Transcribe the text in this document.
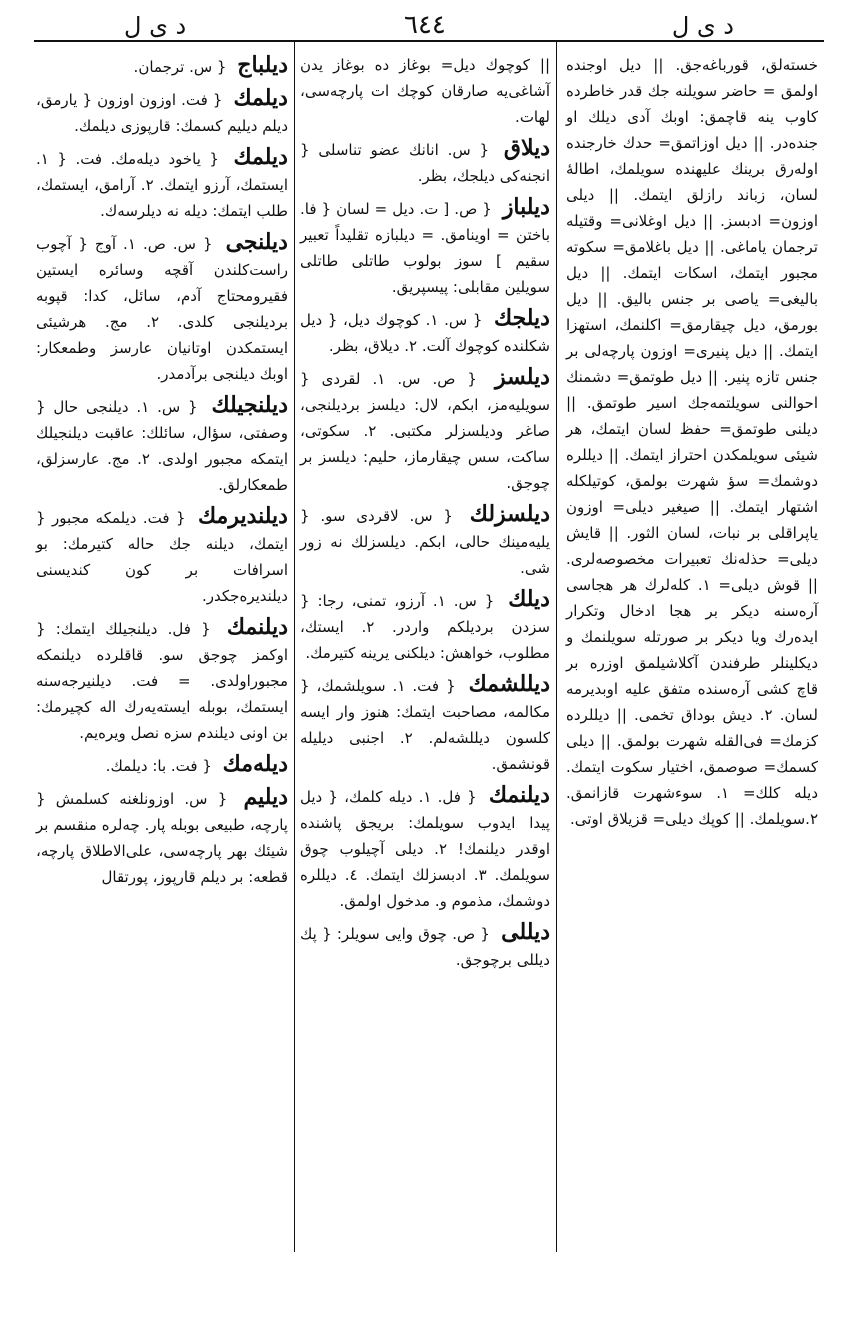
د ی ل	٦٤٤	د ی ل

خسته‌لق، قورباغه‌جق. || دیل اوجنده اولمق = حاضر سویلنه جك قدر خاطرده کاوب ینه قاچمق: اوبك آدی دیلك او جنده‌در. || دیل اوزاتمق= حدك خارجنده اوله‌رق برینك علیهنده سویلمك، اطاله‌ٔ لسان، زباند رازلق ایتمك. || دیلی اوزون= ادبسز. || دیل اوغلانی= وقتیله ترجمان یاماغی. || دیل باغلامق= سکوته مجبور ایتمك، اسکات ایتمك. || دیل بالیغی= یاصی بر جنس بالیق. || دیل بورمق، دیل چیقارمق= اکلنمك، استهزا ایتمك. || دیل پنیری= اوزون پارچه‌لی بر جنس تازه پنیر. || دیل طوتمق= دشمنك احوالنی سویلتمه‌جك اسیر طوتمق. || دیلنی طوتمق= حفظ لسان ایتمك، هر شیئی سویلمکدن احتراز ایتمك. || دیللره دوشمك= سؤ شهرت بولمق، کوتیلکله اشتهار ایتمك. || صیغیر دیلی= اوزون یاپراقلی بر نبات، لسان الثور. || قایش دیلی= حذله‌نك تعبیرات مخصوصه‌لری. || قوش دیلی= ۱. کله‌لرك هر هجاسی آره‌سنه دیکر بر هجا ادخال وتکرار ایده‌رك ویا دیکر بر صورتله سویلنمك و دیکلینلر طرفندن آکلاشیلمق اوزره بر قاچ کشی آره‌سنده متفق علیه اوبدیرمه لسان. ۲. دیش بوداق تخمی. || دیللرده کزمك= فی‌القله شهرت بولمق. || دیلی کسمك= صوصمق، اختیار سکوت ایتمك. دیله کلك= ۱. سوءشهرت قازانمق. ۲.سویلمك. || کوپك دیلی= قزیلاق اوتی.

|| کوچوك دیل= بوغاز ده بوغاز یدن آشاغی‌یه صارقان کوچك ات پارچه‌سی، لهات.

دیلاق { س. انانك عضو تناسلی { انجنه‌کی دیلجك، بظر.

دیلباز { ص. [ ت. دیل = لسان { فا. باختن = اوینامق. = دیلبازه تقلیداً تعبیر سقیم ] سوز بولوب طاتلی طاتلی سویلین مقابلی: پیسپریق.

دیلجك { س. ۱. کوچوك دیل، { دیل شکلنده کوچوك آلت. ۲. دیلاق، بظر.

دیلسز { ص. س. ۱. لقردی { سویلیه‌مز، ابکم، لال: دیلسز بردیلنجی، صاغر ودیلسزلر مکتبی. ۲. سکوتی، ساکت، سس چیقارماز، حلیم: دیلسز بر چوجق.

دیلسزلك { س. لاقردی سو. { یلیه‌مینك حالی، ابکم. دیلسزلك نه زور شی.

دیلك { س. ۱. آرزو، تمنی، رجا: { سزدن بردیلکم واردر. ۲. ایستك، مطلوب، خواهش: دیلکنی یرینه کتیرمك.

دیللشمك { فت. ۱. سویلشمك، { مکالمه، مصاحبت ایتمك: هنوز وار ایسه کلسون دیللشه‌لم. ۲. اجنبی دیلیله قونشمق.

دیلنمك { فل. ۱. دیله کلمك، { دیل پیدا ایدوب سویلمك: بریجق پاشنده اوقدر دیلنمك! ۲. دیلی آچیلوب چوق سویلمك. ۳. ادبسزلك ایتمك. ٤. دیللره دوشمك، مذموم و. مدخول اولمق.

دیللی { ص. چوق وایی سویلر: { پك دیللی برچوجق.

دیلباج { س. ترجمان.

دیلمك { فت. اوزون اوزون { یارمق، دیلم دیلیم کسمك: قارپوزی دیلمك.

دیلمك { یاخود دیله‌مك. فت. { ۱. ایستمك، آرزو ایتمك. ۲. آرامق، ایستمك، طلب ایتمك: دیله نه دیلرسه‌ك.

دیلنجی { س. ص. ۱. آوج { آچوب راست‌کلندن آقچه وسائره ایستین فقیرومحتاج آدم، سائل، کدا: قپوبه بردیلنجی کلدی. ۲. مج. هرشیئی ایستمکدن اوتانیان عارسز وطمعکار: اوبك دیلنجی برآدمدر.

دیلنجیلك { س. ۱. دیلنجی حال { وصفتی، سؤال، سائلك: عاقبت دیلنجیلك ایتمکه مجبور اولدی. ۲. مج. عارسزلق، طمعکارلق.

دیلندیرمك { فت. دیلمکه مجبور { ایتمك، دیلنه جك حاله کتیرمك: بو اسرافات بر کون کندیسنی دیلندیره‌جکدر.

دیلنمك { فل. دیلنجیلك ایتمك: { اوکمز چوجق سو. قاقلرده دیلنمکه مجبوراولدی. = فت. دیلنیرجه‌سنه ایستمك، بوبله ایسته‌یه‌رك اله کچیرمك: بن اونی دیلندم سزه نصل ویره‌یم.

دیله‌مك { فت. با: دیلمك.

دیلیم { س. اوزونلغنه کسلمش { پارچه، طبیعی بوبله پار. چه‌لره منقسم بر شیئك بهر پارچه‌سی، علی‌الاطلاق پارچه، قطعه: بر دیلم قارپوز، پورتقال
